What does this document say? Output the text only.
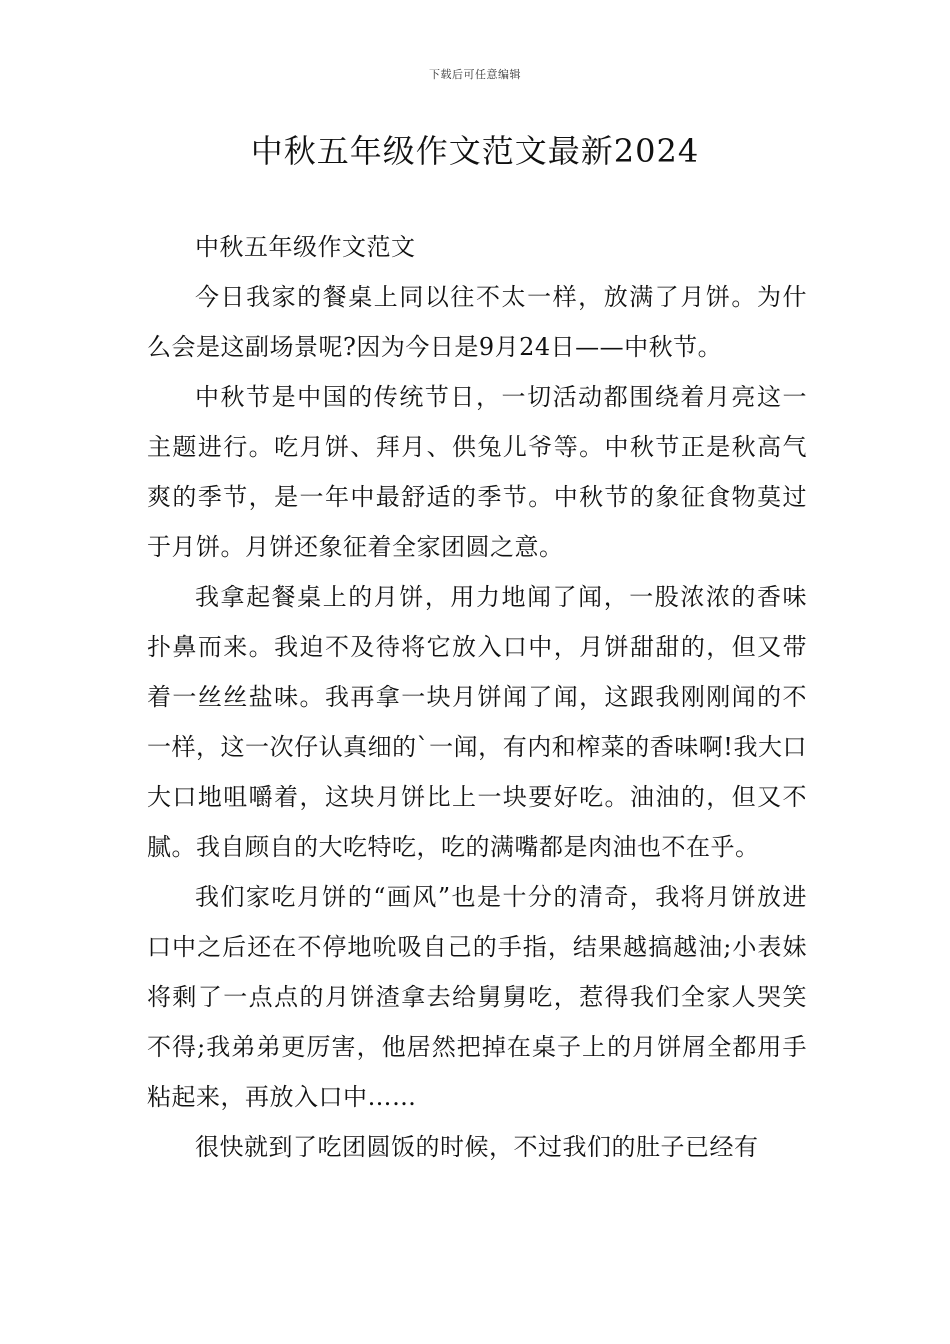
下载后可任意编辑
中秋五年级作文范文最新2024

中秋五年级作文范文

今日我家的餐桌上同以往不太一样，放满了月饼。为什么会是这副场景呢?因为今日是9月24日——中秋节。

中秋节是中国的传统节日，一切活动都围绕着月亮这一主题进行。吃月饼、拜月、供兔儿爷等。中秋节正是秋高气爽的季节，是一年中最舒适的季节。中秋节的象征食物莫过于月饼。月饼还象征着全家团圆之意。

我拿起餐桌上的月饼，用力地闻了闻，一股浓浓的香味扑鼻而来。我迫不及待将它放入口中，月饼甜甜的，但又带着一丝丝盐味。我再拿一块月饼闻了闻，这跟我刚刚闻的不一样，这一次仔认真细的`一闻，有内和榨菜的香味啊!我大口大口地咀嚼着，这块月饼比上一块要好吃。油油的，但又不腻。我自顾自的大吃特吃，吃的满嘴都是肉油也不在乎。

我们家吃月饼的“画风”也是十分的清奇，我将月饼放进口中之后还在不停地吮吸自己的手指，结果越搞越油;小表妹将剩了一点点的月饼渣拿去给舅舅吃，惹得我们全家人哭笑不得;我弟弟更厉害，他居然把掉在桌子上的月饼屑全都用手粘起来，再放入口中……

很快就到了吃团圆饭的时候，不过我们的肚子已经有
